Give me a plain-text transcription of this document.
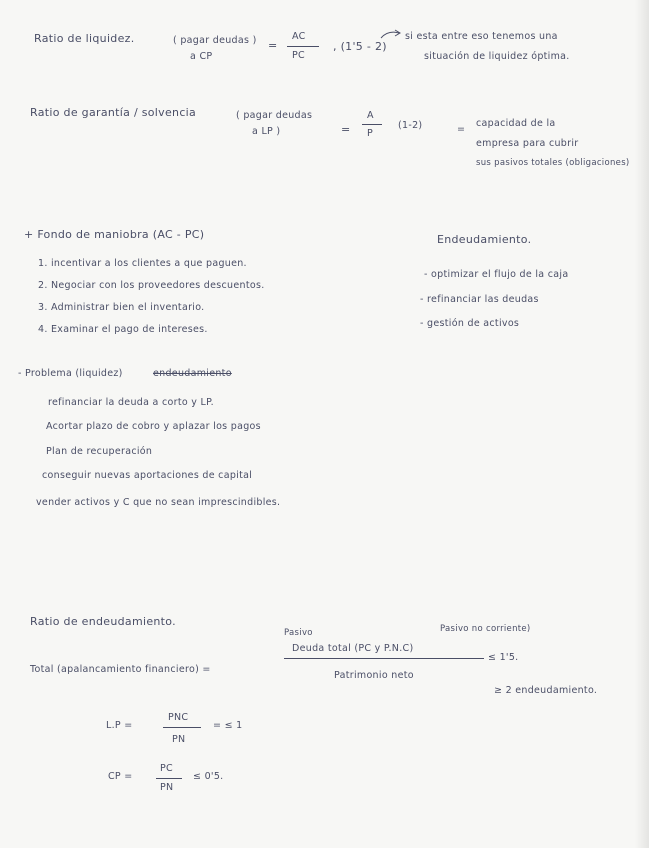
Ratio de liquidez.	( pagar deudas )
a CP
=
AC
PC
, (1'5 - 2)
si esta entre eso tenemos una
situación de liquidez óptima.
Ratio de garantía / solvencia	( pagar deudas
a LP )	=
A
P
(1-2)	=
capacidad de la
empresa para cubrir
sus pasivos totales (obligaciones)
+ Fondo de maniobra (AC - PC)
1. incentivar a los clientes a que paguen.
2. Negociar con los proveedores descuentos.
3. Administrar bien el inventario.
4. Examinar el pago de intereses.
Endeudamiento.
- optimizar el flujo de la caja
- refinanciar las deudas
- gestión de activos
- Problema (liquidez)	endeudamiento
refinanciar la deuda a corto y LP.
Acortar plazo de cobro y aplazar los pagos
Plan de recuperación
conseguir nuevas aportaciones de capital
vender activos y C que no sean imprescindibles.
Ratio de endeudamiento.
Pasivo	Pasivo no corriente)
Deuda total (PC y P.N.C)
Total (apalancamiento financiero) =
Patrimonio neto
≤ 1'5.
≥ 2 endeudamiento.
L.P =
PNC
PN
= ≤ 1
CP =
PC
PN
≤ 0'5.
